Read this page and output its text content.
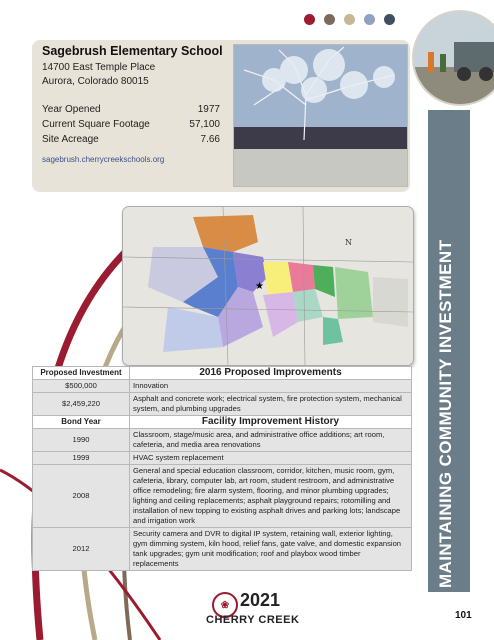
MAINTAINING COMMUNITY INVESTMENT
Sagebrush Elementary School
14700 East Temple Place
Aurora, Colorado 80015
Year Opened	1977
Current Square Footage	57,100
Site Acreage	7.66
sagebrush.cherrycreekschools.org
★
N
Proposed Investment	2016 Proposed Improvements
$500,000	Innovation
$2,459,220	Asphalt and concrete work; electrical system, fire protection system, mechanical system, and plumbing upgrades
Bond Year	Facility Improvement History
1990	Classroom, stage/music area, and administrative office additions; art room, cafeteria, and media area renovations
1999	HVAC system replacement
2008	General and special education classroom, corridor, kitchen, music room, gym, cafeteria, library, computer lab, art room, student restroom, and administrative office remodeling; fire alarm system, flooring, and minor plumbing upgrades; lighting and ceiling replacements; asphalt playground repairs; rotomilling and installation of new topping to existing asphalt drives and parking lots; landscape and irrigation work
2012	Security camera and DVR to digital IP system, retaining wall, exterior lighting, gym dimming system, kiln hood, relief fans, gate valve, and domestic expansion tank upgrades; gym unit modification; roof and playbox wood timber replacements
❀ 2021
CHERRY CREEK	101
